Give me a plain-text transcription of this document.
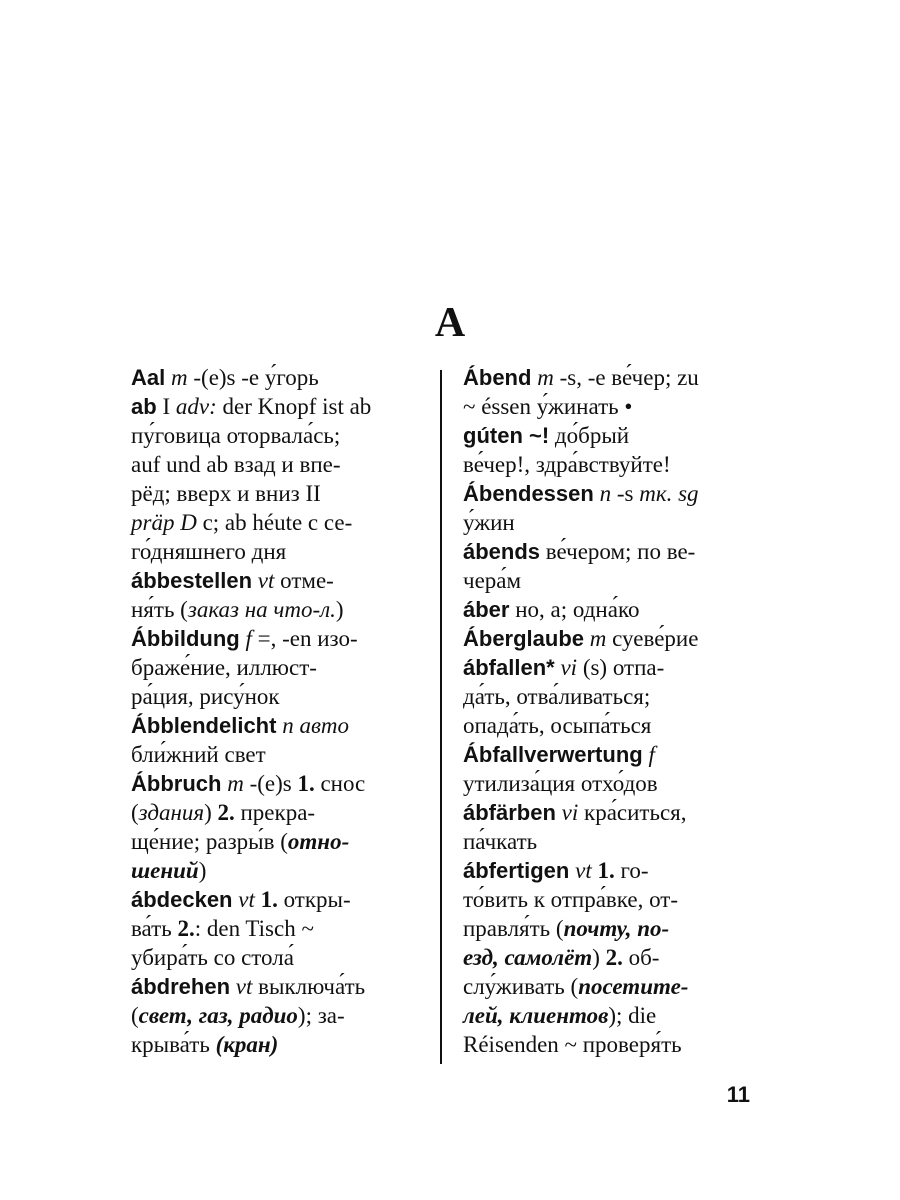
A
Aal m -(e)s -e у́горь
ab I adv: der Knopf ist ab
пу́говица оторвала́сь;
auf und ab взад и впе-
рёд; вверх и вниз II
präp D с; ab héute с се-
го́дняшнего дня
ábbestellen vt отме-
ня́ть (заказ на что-л.)
Ábbildung f =, -en изо-
браже́ние, иллюст-
ра́ция, рису́нок
Ábblendelicht n авто
бли́жний свет
Ábbruch m -(e)s 1. снос
(здания) 2. прекра-
ще́ние; разры́в (отно-
шений)
ábdecken vt 1. откры-
ва́ть 2.: den Tisch ~
убира́ть со стола́
ábdrehen vt выключа́ть
(свет, газ, радио); за-
крыва́ть (кран)
Ábend m -s, -e ве́чер; zu
~ éssen у́жинать •
gúten ~! до́брый
ве́чер!, здра́вствуйте!
Ábendessen n -s тк. sg
у́жин
ábends ве́чером; по ве-
чера́м
áber но, а; одна́ко
Áberglaube m суеве́рие
ábfallen* vi (s) отпа-
да́ть, отва́ливаться;
опада́ть, осыпа́ться
Ábfallverwertung f
утилиза́ция отхо́дов
ábfärben vi кра́ситься,
па́чкать
ábfertigen vt 1. го-
то́вить к отпра́вке, от-
правля́ть (почту, по-
езд, самолёт) 2. об-
слу́живать (посетите-
лей, клиентов); die
Réisenden ~ проверя́ть
11
